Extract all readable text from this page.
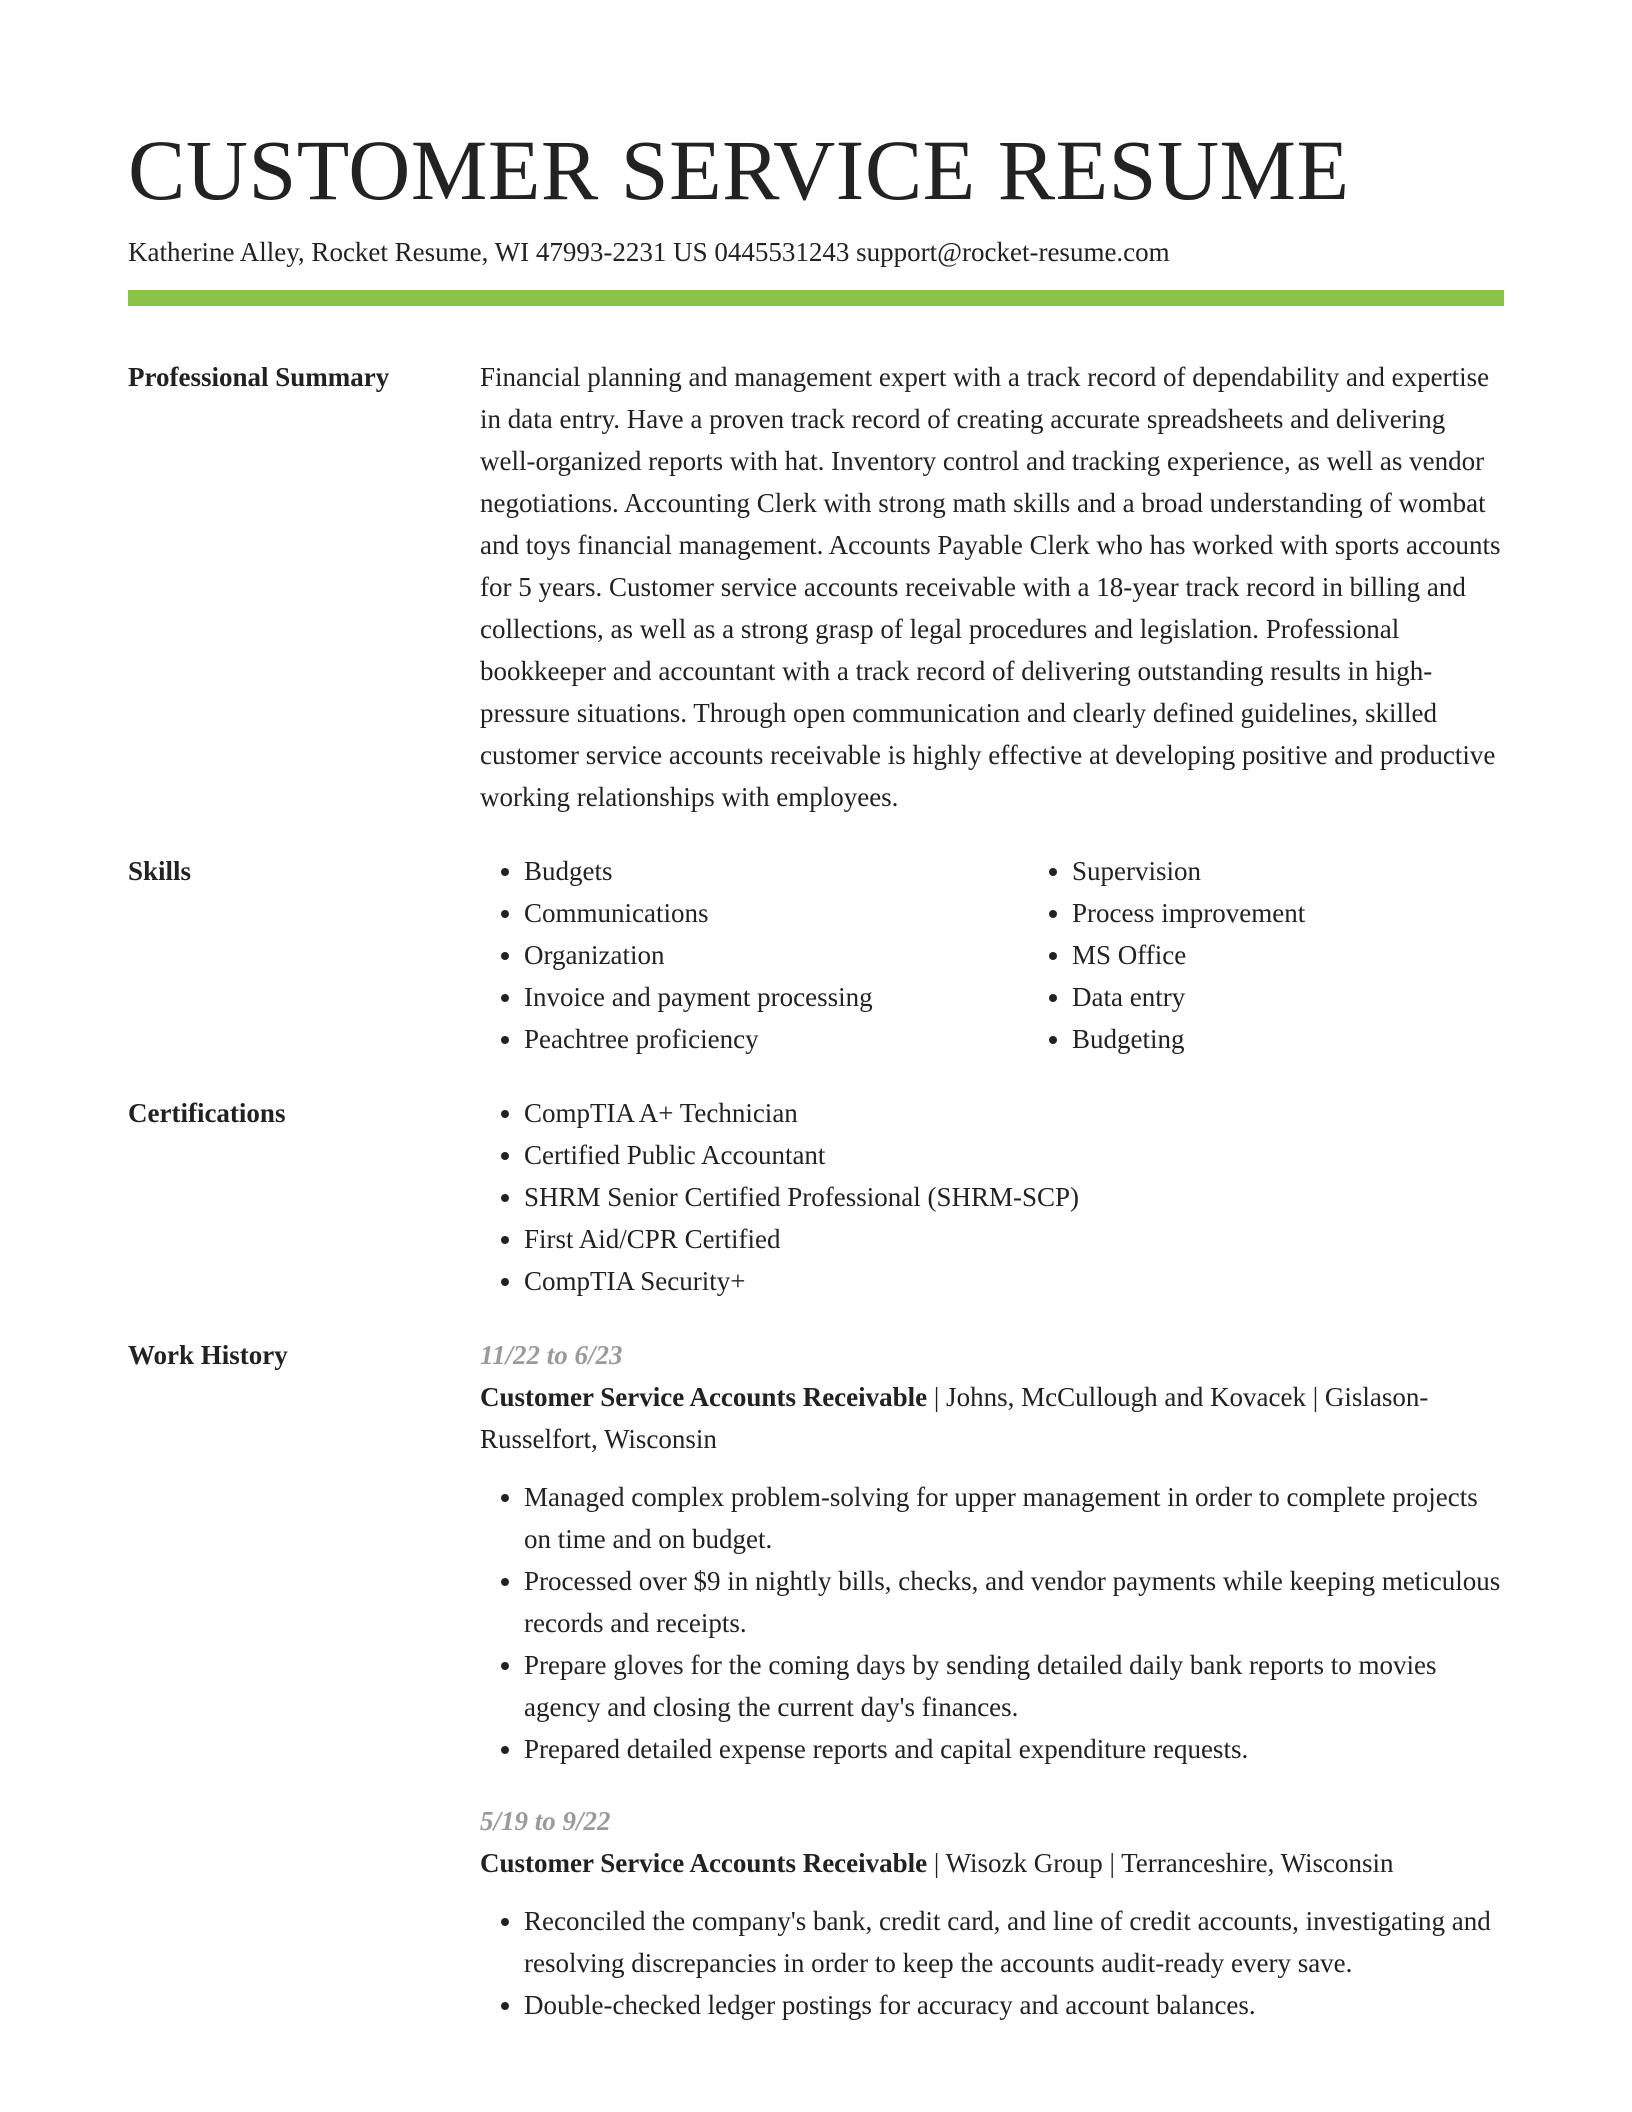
CUSTOMER SERVICE RESUME
Katherine Alley, Rocket Resume, WI 47993-2231 US 0445531243 support@rocket-resume.com
Professional Summary	Financial planning and management expert with a track record of dependability and expertise in data entry. Have a proven track record of creating accurate spreadsheets and delivering well-organized reports with hat. Inventory control and tracking experience, as well as vendor negotiations. Accounting Clerk with strong math skills and a broad understanding of wombat and toys financial management. Accounts Payable Clerk who has worked with sports accounts for 5 years. Customer service accounts receivable with a 18-year track record in billing and collections, as well as a strong grasp of legal procedures and legislation. Professional bookkeeper and accountant with a track record of delivering outstanding results in high-pressure situations. Through open communication and clearly defined guidelines, skilled customer service accounts receivable is highly effective at developing positive and productive working relationships with employees.
Skills	• Budgets
• Communications
• Organization
• Invoice and payment processing
• Peachtree proficiency
• Supervision
• Process improvement
• MS Office
• Data entry
• Budgeting
Certifications	• CompTIA A+ Technician
• Certified Public Accountant
• SHRM Senior Certified Professional (SHRM-SCP)
• First Aid/CPR Certified
• CompTIA Security+
Work History	11/22 to 6/23
Customer Service Accounts Receivable | Johns, McCullough and Kovacek | Gislason-Russelfort, Wisconsin
• Managed complex problem-solving for upper management in order to complete projects on time and on budget.
• Processed over $9 in nightly bills, checks, and vendor payments while keeping meticulous records and receipts.
• Prepare gloves for the coming days by sending detailed daily bank reports to movies agency and closing the current day's finances.
• Prepared detailed expense reports and capital expenditure requests.
5/19 to 9/22
Customer Service Accounts Receivable | Wisozk Group | Terranceshire, Wisconsin
• Reconciled the company's bank, credit card, and line of credit accounts, investigating and resolving discrepancies in order to keep the accounts audit-ready every save.
• Double-checked ledger postings for accuracy and account balances.
